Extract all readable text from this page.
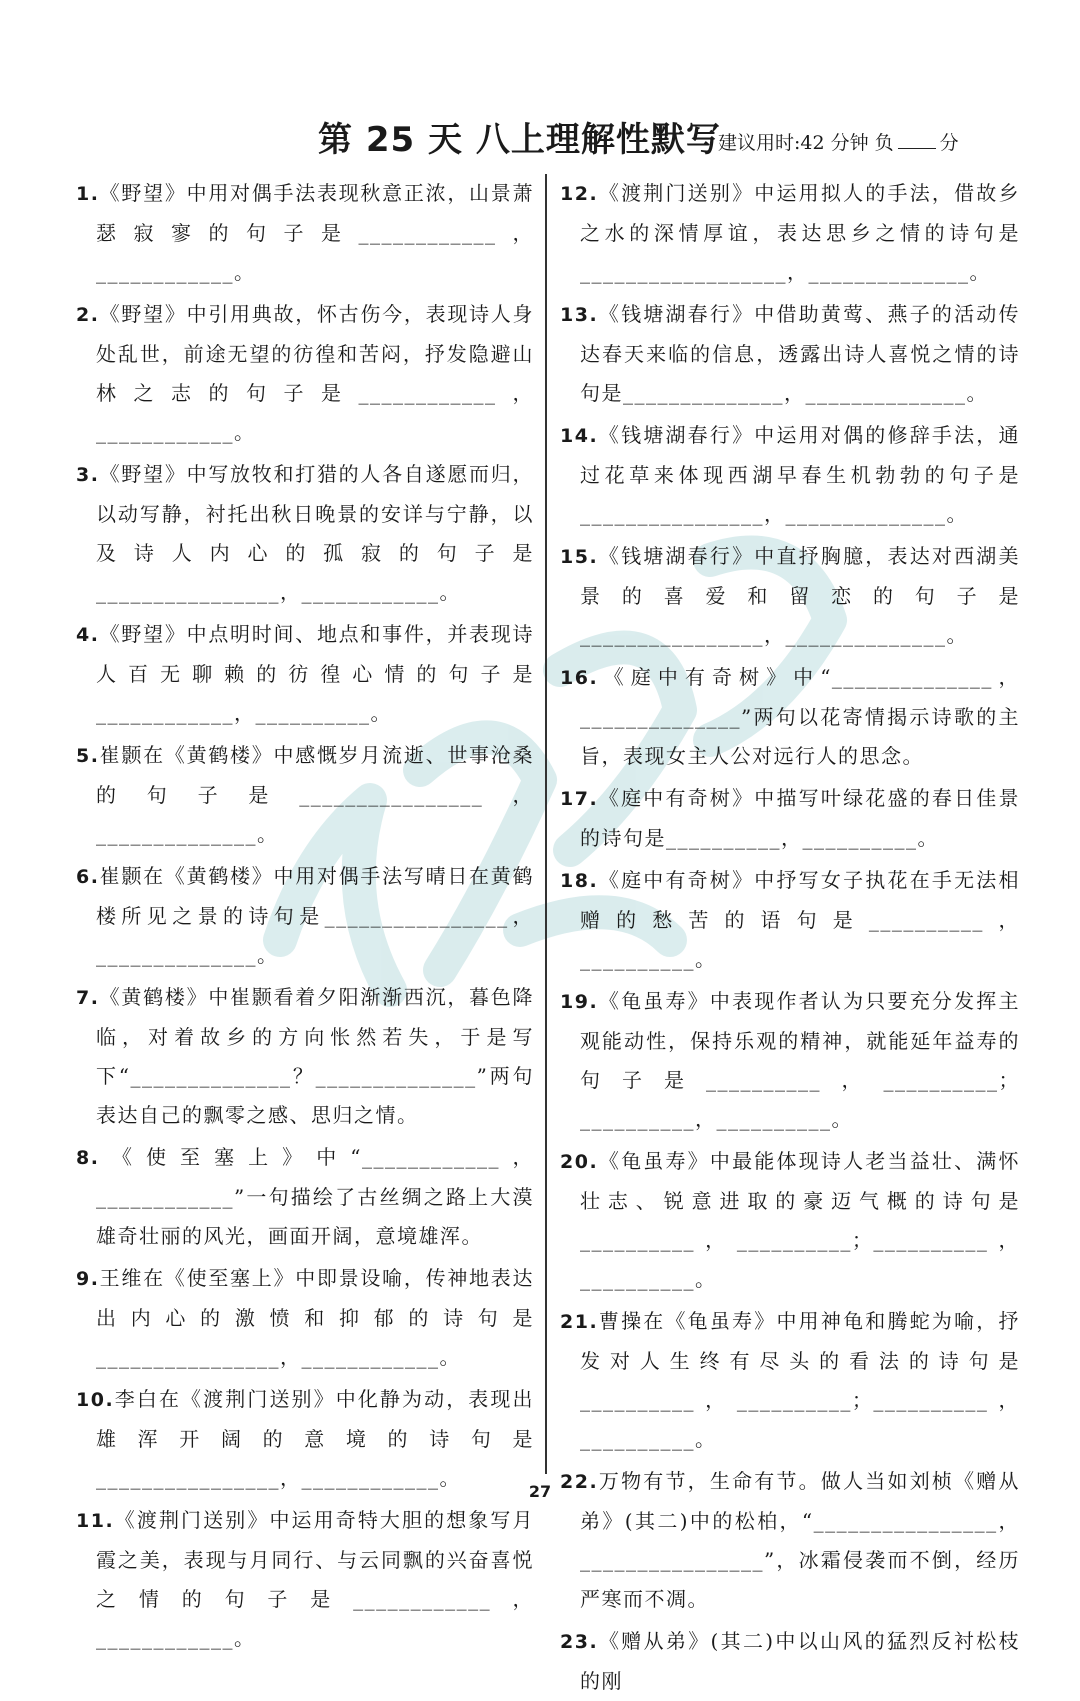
第 25 天 八上理解性默写
建议用时:42 分钟 负 分

1.《野望》中用对偶手法表现秋意正浓，山景萧瑟寂寥的句子是____________，____________。

2.《野望》中引用典故，怀古伤今，表现诗人身处乱世，前途无望的彷徨和苦闷，抒发隐避山林之志的句子是____________，____________。

3.《野望》中写放牧和打猎的人各自遂愿而归，以动写静，衬托出秋日晚景的安详与宁静，以及诗人内心的孤寂的句子是________________，____________。

4.《野望》中点明时间、地点和事件，并表现诗人百无聊赖的彷徨心情的句子是____________，__________。

5.崔颢在《黄鹤楼》中感慨岁月流逝、世事沧桑的句子是________________，______________。

6.崔颢在《黄鹤楼》中用对偶手法写晴日在黄鹤楼所见之景的诗句是________________，______________。

7.《黄鹤楼》中崔颢看着夕阳渐渐西沉，暮色降临，对着故乡的方向怅然若失，于是写下“______________？______________”两句表达自己的飘零之感、思归之情。

8.《使至塞上》中“____________，____________”一句描绘了古丝绸之路上大漠雄奇壮丽的风光，画面开阔，意境雄浑。

9.王维在《使至塞上》中即景设喻，传神地表达出内心的激愤和抑郁的诗句是________________，____________。

10.李白在《渡荆门送别》中化静为动，表现出雄浑开阔的意境的诗句是________________，____________。

11.《渡荆门送别》中运用奇特大胆的想象写月霞之美，表现与月同行、与云同飘的兴奋喜悦之情的句子是____________，____________。

12.《渡荆门送别》中运用拟人的手法，借故乡之水的深情厚谊，表达思乡之情的诗句是__________________，______________。

13.《钱塘湖春行》中借助黄莺、燕子的活动传达春天来临的信息，透露出诗人喜悦之情的诗句是______________，______________。

14.《钱塘湖春行》中运用对偶的修辞手法，通过花草来体现西湖早春生机勃勃的句子是________________，______________。

15.《钱塘湖春行》中直抒胸臆，表达对西湖美景的喜爱和留恋的句子是________________，______________。

16.《庭中有奇树》中“______________，______________”两句以花寄情揭示诗歌的主旨，表现女主人公对远行人的思念。

17.《庭中有奇树》中描写叶绿花盛的春日佳景的诗句是__________，__________。

18.《庭中有奇树》中抒写女子执花在手无法相赠的愁苦的语句是__________，__________。

19.《龟虽寿》中表现作者认为只要充分发挥主观能动性，保持乐观的精神，就能延年益寿的句子是__________，__________；__________，__________。

20.《龟虽寿》中最能体现诗人老当益壮、满怀壮志、锐意进取的豪迈气概的诗句是__________，__________；__________，__________。

21.曹操在《龟虽寿》中用神龟和腾蛇为喻，抒发对人生终有尽头的看法的诗句是__________，__________；__________，__________。

22.万物有节，生命有节。做人当如刘桢《赠从弟》(其二)中的松柏，“________________，________________”，冰霜侵袭而不倒，经历严寒而不凋。

23.《赠从弟》(其二)中以山风的猛烈反衬松枝的刚

27
